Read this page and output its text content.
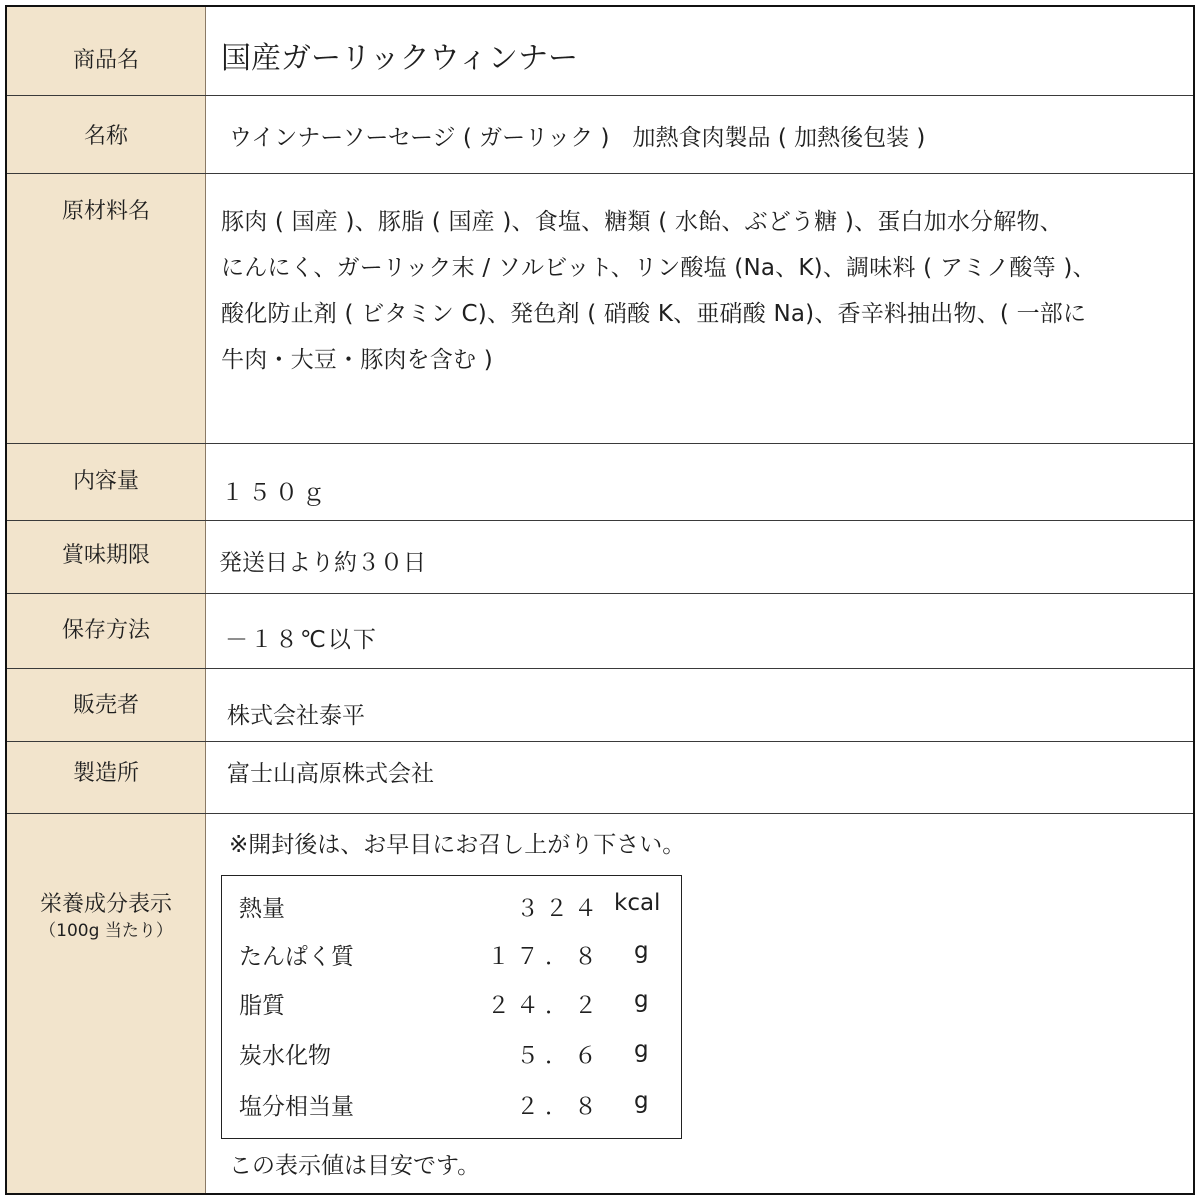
商品名	国産ガーリックウィンナー
名称	ウインナーソーセージ ( ガーリック )　加熱食肉製品 ( 加熱後包装 )
原材料名	豚肉 ( 国産 )、豚脂 ( 国産 )、食塩、糖類 ( 水飴、ぶどう糖 )、蛋白加水分解物、
にんにく、ガーリック末 / ソルビット、リン酸塩 (Na、K)、調味料 ( アミノ酸等 )、
酸化防止剤 ( ビタミン C)、発色剤 ( 硝酸 K、亜硝酸 Na)、香辛料抽出物、( 一部に
牛肉・大豆・豚肉を含む )
内容量	１５０ｇ
賞味期限	発送日より約３０日
保存方法	－１８℃以下
販売者	株式会社泰平
製造所	富士山高原株式会社
栄養成分表示
（100g 当たり）
※開封後は、お早目にお召し上がり下さい。
熱量	３２４ kcal
たんぱく質	１７．８ g
脂質	２４．２ g
炭水化物	５．６ g
塩分相当量	２．８ g
この表示値は目安です。
